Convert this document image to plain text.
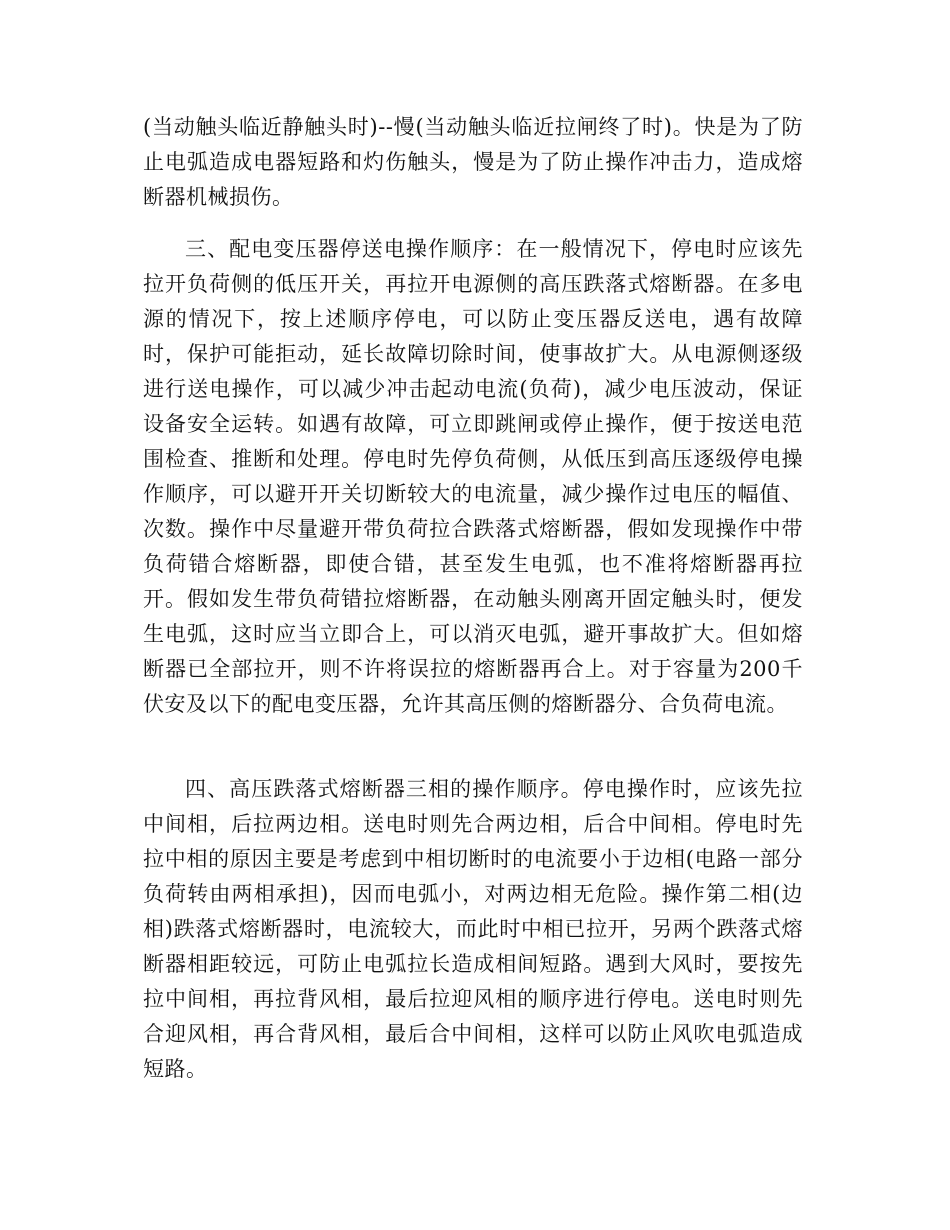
(当动触头临近静触头时)--慢(当动触头临近拉闸终了时)。快是为了防止电弧造成电器短路和灼伤触头，慢是为了防止操作冲击力，造成熔断器机械损伤。

三、配电变压器停送电操作顺序：在一般情况下，停电时应该先拉开负荷侧的低压开关，再拉开电源侧的高压跌落式熔断器。在多电源的情况下，按上述顺序停电，可以防止变压器反送电，遇有故障时，保护可能拒动，延长故障切除时间，使事故扩大。从电源侧逐级进行送电操作，可以减少冲击起动电流(负荷)，减少电压波动，保证设备安全运转。如遇有故障，可立即跳闸或停止操作，便于按送电范围检查、推断和处理。停电时先停负荷侧，从低压到高压逐级停电操作顺序，可以避开开关切断较大的电流量，减少操作过电压的幅值、次数。操作中尽量避开带负荷拉合跌落式熔断器，假如发现操作中带负荷错合熔断器，即使合错，甚至发生电弧，也不准将熔断器再拉开。假如发生带负荷错拉熔断器，在动触头刚离开固定触头时，便发生电弧，这时应当立即合上，可以消灭电弧，避开事故扩大。但如熔断器已全部拉开，则不许将误拉的熔断器再合上。对于容量为200千伏安及以下的配电变压器，允许其高压侧的熔断器分、合负荷电流。

四、高压跌落式熔断器三相的操作顺序。停电操作时，应该先拉中间相，后拉两边相。送电时则先合两边相，后合中间相。停电时先拉中相的原因主要是考虑到中相切断时的电流要小于边相(电路一部分负荷转由两相承担)，因而电弧小，对两边相无危险。操作第二相(边相)跌落式熔断器时，电流较大，而此时中相已拉开，另两个跌落式熔断器相距较远，可防止电弧拉长造成相间短路。遇到大风时，要按先拉中间相，再拉背风相，最后拉迎风相的顺序进行停电。送电时则先合迎风相，再合背风相，最后合中间相，这样可以防止风吹电弧造成短路。
